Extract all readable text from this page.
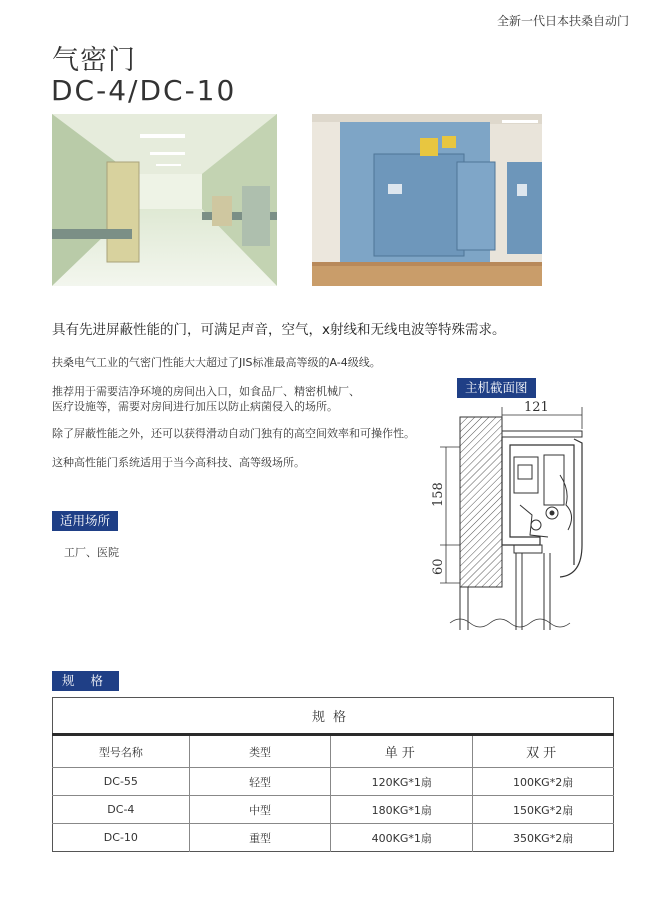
全新一代日本扶桑自动门
气密门
DC-4/DC-10
具有先进屏蔽性能的门，可满足声音，空气，x射线和无线电波等特殊需求。
扶桑电气工业的气密门性能大大超过了JIS标准最高等级的A-4级线。
推荐用于需要洁净环境的房间出入口，如食品厂、精密机械厂、
医疗设施等，需要对房间进行加压以防止病菌侵入的场所。
除了屏蔽性能之外，还可以获得滑动自动门独有的高空间效率和可操作性。
这种高性能门系统适用于当今高科技、高等级场所。
主机截面图
适用场所
工厂、医院
规 格
121
158
60
规格			
型号名称	类型	单开	双开
DC-55	轻型	120KG*1扇	100KG*2扇
DC-4	中型	180KG*1扇	150KG*2扇
DC-10	重型	400KG*1扇	350KG*2扇
